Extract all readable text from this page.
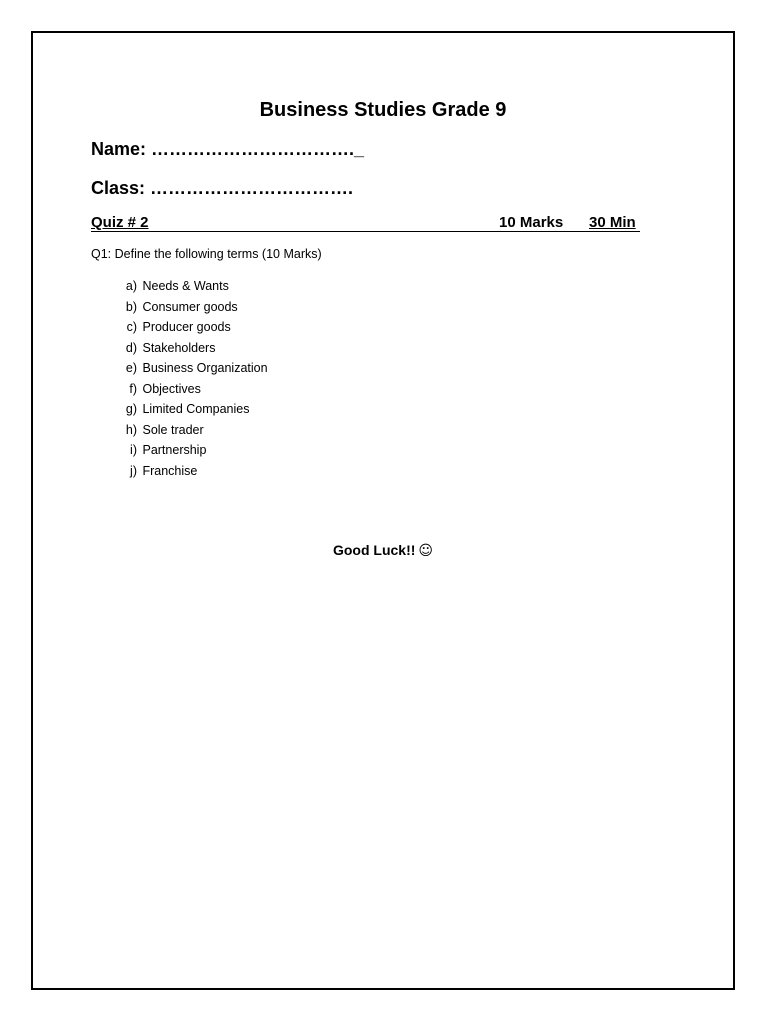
Business Studies Grade 9
Name: ……………………………._
Class: …………………………….
Quiz # 2	10 Marks 30 Min
Q1: Define the following terms (10 Marks)
a) Needs & Wants
b) Consumer goods
c) Producer goods
d) Stakeholders
e) Business Organization
f) Objectives
g) Limited Companies
h) Sole trader
i) Partnership
j) Franchise
Good Luck!! ☺
